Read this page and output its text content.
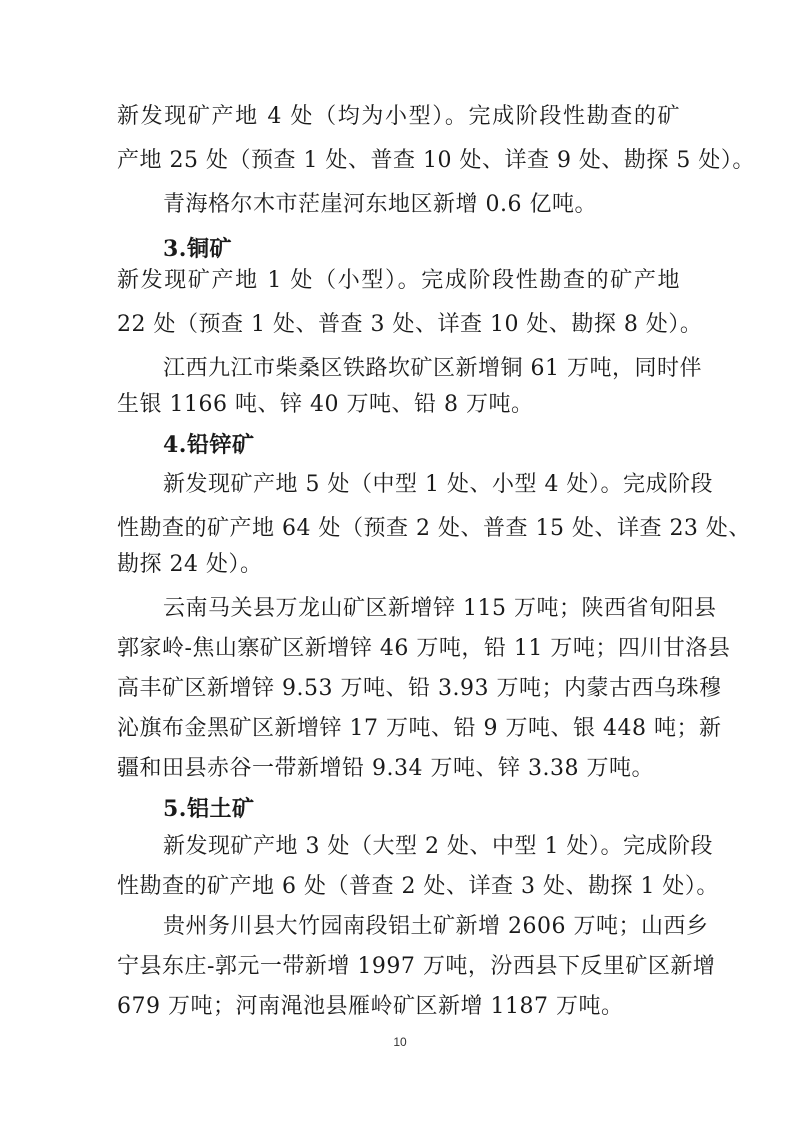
新发现矿产地 4 处（均为小型）。完成阶段性勘查的矿
产地 25 处（预查 1 处、普查 10 处、详查 9 处、勘探 5 处）。
青海格尔木市茫崖河东地区新增 0.6 亿吨。
3.铜矿
新发现矿产地 1 处（小型）。完成阶段性勘查的矿产地
22 处（预查 1 处、普查 3 处、详查 10 处、勘探 8 处）。
江西九江市柴桑区铁路坎矿区新增铜 61 万吨，同时伴
生银 1166 吨、锌 40 万吨、铅 8 万吨。
4.铅锌矿
新发现矿产地 5 处（中型 1 处、小型 4 处）。完成阶段
性勘查的矿产地 64 处（预查 2 处、普查 15 处、详查 23 处、
勘探 24 处）。
云南马关县万龙山矿区新增锌 115 万吨；陕西省旬阳县
郭家岭-焦山寨矿区新增锌 46 万吨，铅 11 万吨；四川甘洛县
高丰矿区新增锌 9.53 万吨、铅 3.93 万吨；内蒙古西乌珠穆
沁旗布金黑矿区新增锌 17 万吨、铅 9 万吨、银 448 吨；新
疆和田县赤谷一带新增铅 9.34 万吨、锌 3.38 万吨。
5.铝土矿
新发现矿产地 3 处（大型 2 处、中型 1 处）。完成阶段
性勘查的矿产地 6 处（普查 2 处、详查 3 处、勘探 1 处）。
贵州务川县大竹园南段铝土矿新增 2606 万吨；山西乡
宁县东庄-郭元一带新增 1997 万吨，汾西县下反里矿区新增
679 万吨；河南渑池县雁岭矿区新增 1187 万吨。
10
